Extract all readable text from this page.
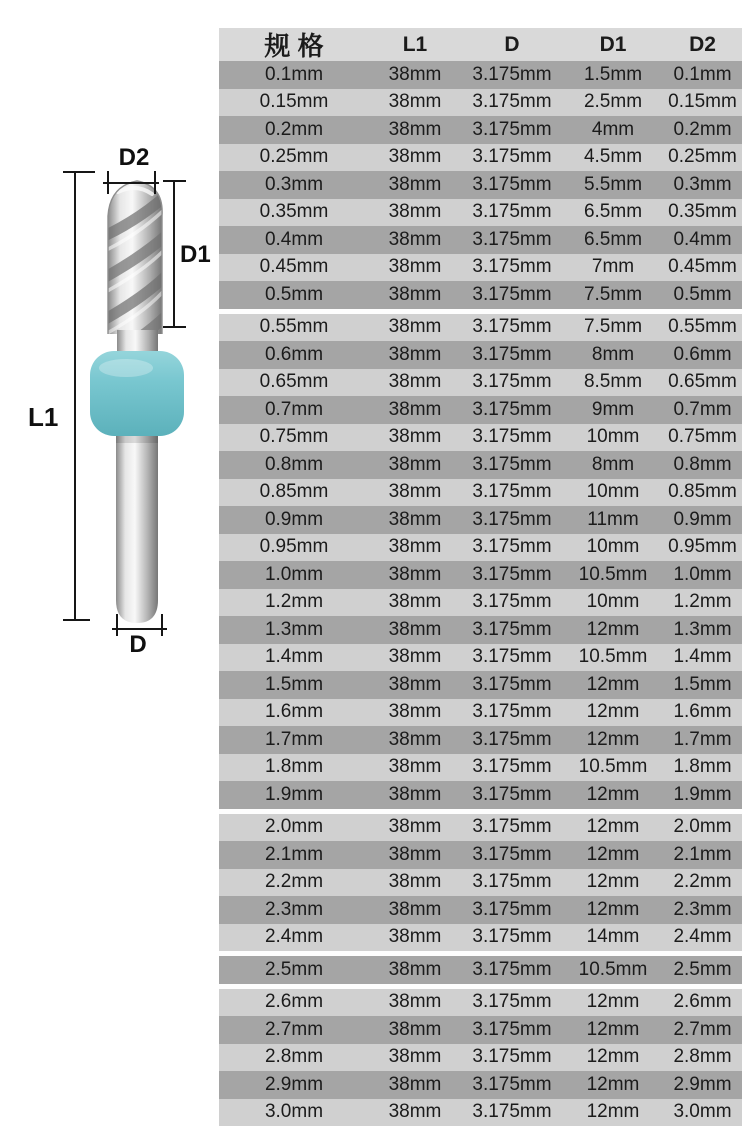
D2
D1
L1
D
规 格	L1	D	D1	D2
0.1mm	38mm	3.175mm	1.5mm	0.1mm
0.15mm	38mm	3.175mm	2.5mm	0.15mm
0.2mm	38mm	3.175mm	4mm	0.2mm
0.25mm	38mm	3.175mm	4.5mm	0.25mm
0.3mm	38mm	3.175mm	5.5mm	0.3mm
0.35mm	38mm	3.175mm	6.5mm	0.35mm
0.4mm	38mm	3.175mm	6.5mm	0.4mm
0.45mm	38mm	3.175mm	7mm	0.45mm
0.5mm	38mm	3.175mm	7.5mm	0.5mm
0.55mm	38mm	3.175mm	7.5mm	0.55mm
0.6mm	38mm	3.175mm	8mm	0.6mm
0.65mm	38mm	3.175mm	8.5mm	0.65mm
0.7mm	38mm	3.175mm	9mm	0.7mm
0.75mm	38mm	3.175mm	10mm	0.75mm
0.8mm	38mm	3.175mm	8mm	0.8mm
0.85mm	38mm	3.175mm	10mm	0.85mm
0.9mm	38mm	3.175mm	11mm	0.9mm
0.95mm	38mm	3.175mm	10mm	0.95mm
1.0mm	38mm	3.175mm	10.5mm	1.0mm
1.2mm	38mm	3.175mm	10mm	1.2mm
1.3mm	38mm	3.175mm	12mm	1.3mm
1.4mm	38mm	3.175mm	10.5mm	1.4mm
1.5mm	38mm	3.175mm	12mm	1.5mm
1.6mm	38mm	3.175mm	12mm	1.6mm
1.7mm	38mm	3.175mm	12mm	1.7mm
1.8mm	38mm	3.175mm	10.5mm	1.8mm
1.9mm	38mm	3.175mm	12mm	1.9mm
2.0mm	38mm	3.175mm	12mm	2.0mm
2.1mm	38mm	3.175mm	12mm	2.1mm
2.2mm	38mm	3.175mm	12mm	2.2mm
2.3mm	38mm	3.175mm	12mm	2.3mm
2.4mm	38mm	3.175mm	14mm	2.4mm
2.5mm	38mm	3.175mm	10.5mm	2.5mm
2.6mm	38mm	3.175mm	12mm	2.6mm
2.7mm	38mm	3.175mm	12mm	2.7mm
2.8mm	38mm	3.175mm	12mm	2.8mm
2.9mm	38mm	3.175mm	12mm	2.9mm
3.0mm	38mm	3.175mm	12mm	3.0mm
